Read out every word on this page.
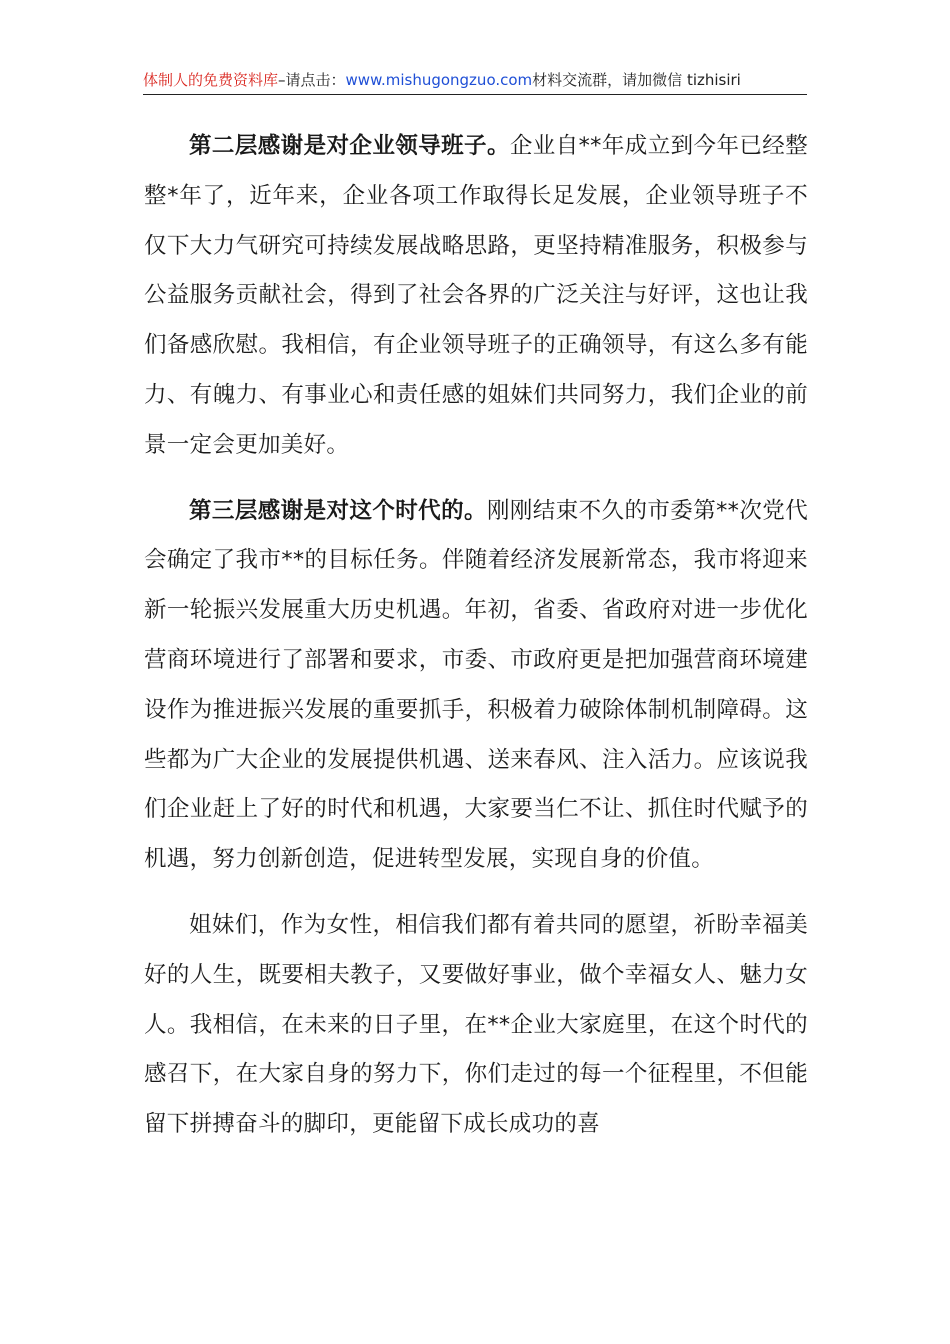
体制人的免费资料库–请点击：www.mishugongzuo.com材料交流群，请加微信 tizhisiri

第二层感谢是对企业领导班子。企业自**年成立到今年已经整整*年了，近年来，企业各项工作取得长足发展，企业领导班子不仅下大力气研究可持续发展战略思路，更坚持精准服务，积极参与公益服务贡献社会，得到了社会各界的广泛关注与好评，这也让我们备感欣慰。我相信，有企业领导班子的正确领导，有这么多有能力、有魄力、有事业心和责任感的姐妹们共同努力，我们企业的前景一定会更加美好。

第三层感谢是对这个时代的。刚刚结束不久的市委第**次党代会确定了我市**的目标任务。伴随着经济发展新常态，我市将迎来新一轮振兴发展重大历史机遇。年初，省委、省政府对进一步优化营商环境进行了部署和要求，市委、市政府更是把加强营商环境建设作为推进振兴发展的重要抓手，积极着力破除体制机制障碍。这些都为广大企业的发展提供机遇、送来春风、注入活力。应该说我们企业赶上了好的时代和机遇，大家要当仁不让、抓住时代赋予的机遇，努力创新创造，促进转型发展，实现自身的价值。

姐妹们，作为女性，相信我们都有着共同的愿望，祈盼幸福美好的人生，既要相夫教子，又要做好事业，做个幸福女人、魅力女人。我相信，在未来的日子里，在**企业大家庭里，在这个时代的感召下，在大家自身的努力下，你们走过的每一个征程里，不但能留下拼搏奋斗的脚印，更能留下成长成功的喜
